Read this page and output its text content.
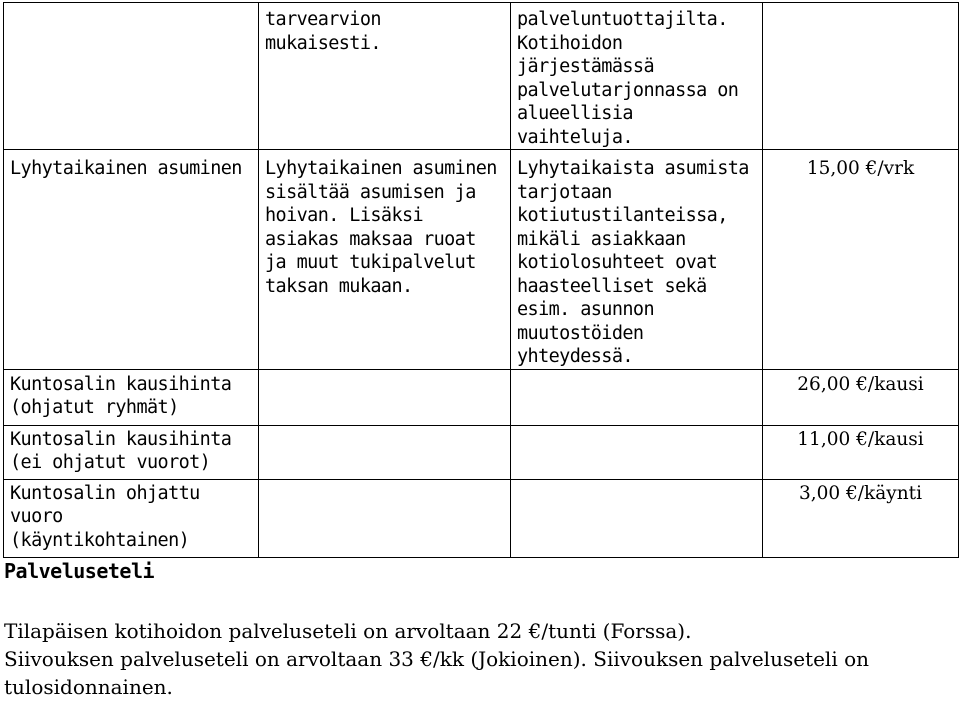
	tarvearvion mukaisesti.	palveluntuottajilta. Kotihoidon järjestämässä palvelutarjonnassa on alueellisia vaihteluja.	
Lyhytaikainen asuminen	Lyhytaikainen asuminen sisältää asumisen ja hoivan. Lisäksi asiakas maksaa ruoat ja muut tukipalvelut taksan mukaan.	Lyhytaikaista asumista tarjotaan kotiutustilanteissa, mikäli asiakkaan kotiolosuhteet ovat haasteelliset sekä esim. asunnon muutostöiden yhteydessä.	15,00 €/vrk
Kuntosalin kausihinta (ohjatut ryhmät)			26,00 €/kausi
Kuntosalin kausihinta (ei ohjatut vuorot)			11,00 €/kausi
Kuntosalin ohjattu vuoro (käyntikohtainen)			3,00 €/käynti
Palveluseteli
Tilapäisen kotihoidon palveluseteli on arvoltaan 22 €/tunti (Forssa).
Siivouksen palveluseteli on arvoltaan 33 €/kk (Jokioinen). Siivouksen palveluseteli on tulosidonnainen.
